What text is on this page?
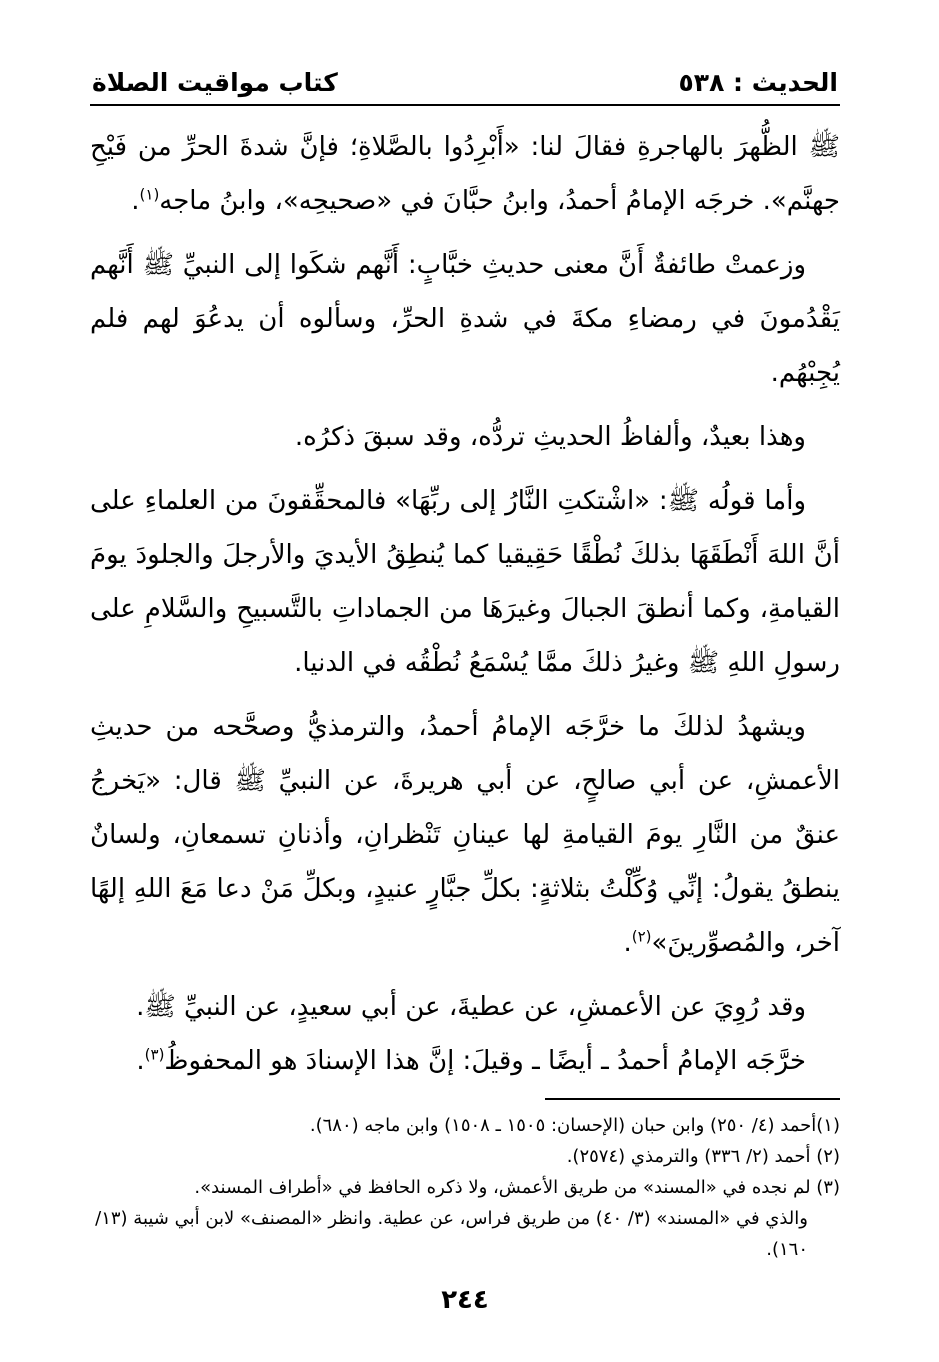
الحديث : ٥٣٨
كتاب مواقيت الصلاة

ﷺ الظُّهرَ بالهاجرةِ فقالَ لنا: «أَبْرِدُوا بالصَّلاةِ؛ فإنَّ شدةَ الحرِّ من فَيْحِ جهنَّم». خرجَه الإمامُ أحمدُ، وابنُ حبَّانَ في «صحيحِه»، وابنُ ماجه$^{(١)}$.

وزعمتْ طائفةٌ أَنَّ معنى حديثِ خبَّابٍ: أَنَّهم شكَوا إلى النبيِّ ﷺ أَنَّهم يَقْدُمونَ في رمضاءِ مكةَ في شدةِ الحرِّ، وسألوه أن يدعُوَ لهم فلم يُجِبْهُم.

وهذا بعيدٌ، وألفاظُ الحديثِ تردُّه، وقد سبقَ ذكرُه.

وأما قولُه ﷺ: «اشْتكتِ النَّارُ إلى ربِّهَا» فالمحقِّقونَ من العلماءِ على أنَّ اللهَ أَنْطَقَهَا بذلكَ نُطْقًا حَقِيقيا كما يُنطِقُ الأيديَ والأرجلَ والجلودَ يومَ القيامةِ، وكما أنطقَ الجبالَ وغيرَهَا من الجماداتِ بالتَّسبيحِ والسَّلامِ على رسولِ اللهِ ﷺ وغيرُ ذلكَ ممَّا يُسْمَعُ نُطْقُه في الدنيا.

ويشهدُ لذلكَ ما خرَّجَه الإمامُ أحمدُ، والترمذيُّ وصحَّحه من حديثِ الأعمشِ، عن أبي صالحٍ، عن أبي هريرةَ، عن النبيِّ ﷺ قال: «يَخرجُ عنقٌ من النَّارِ يومَ القيامةِ لها عينانِ تَنْظرانِ، وأذنانِ تسمعانِ، ولسانٌ ينطقُ يقولُ: إنِّي وُكِّلْتُ بثلاثةٍ: بكلِّ جبَّارٍ عنيدٍ، وبكلِّ مَنْ دعا مَعَ اللهِ إلهًا آخر، والمُصوِّرينَ»$^{(٢)}$.

وقد رُوِيَ عن الأعمشِ، عن عطيةَ، عن أبي سعيدٍ، عن النبيِّ ﷺ.

خرَّجَه الإمامُ أحمدُ ـ أيضًا ـ وقيلَ: إنَّ هذا الإسنادَ هو المحفوظُ$^{(٣)}$.

(١)أحمد (٤/ ٢٥٠) وابن حبان (الإحسان: ١٥٠٥ ـ ١٥٠٨) وابن ماجه (٦٨٠).

(٢) أحمد (٢/ ٣٣٦) والترمذي (٢٥٧٤).

(٣) لم نجده في «المسند» من طريق الأعمش، ولا ذكره الحافظ في «أطراف المسند».

والذي في «المسند» (٣/ ٤٠) من طريق فراس، عن عطية. وانظر «المصنف» لابن أبي شيبة (١٣/ ١٦٠).

٢٤٤
